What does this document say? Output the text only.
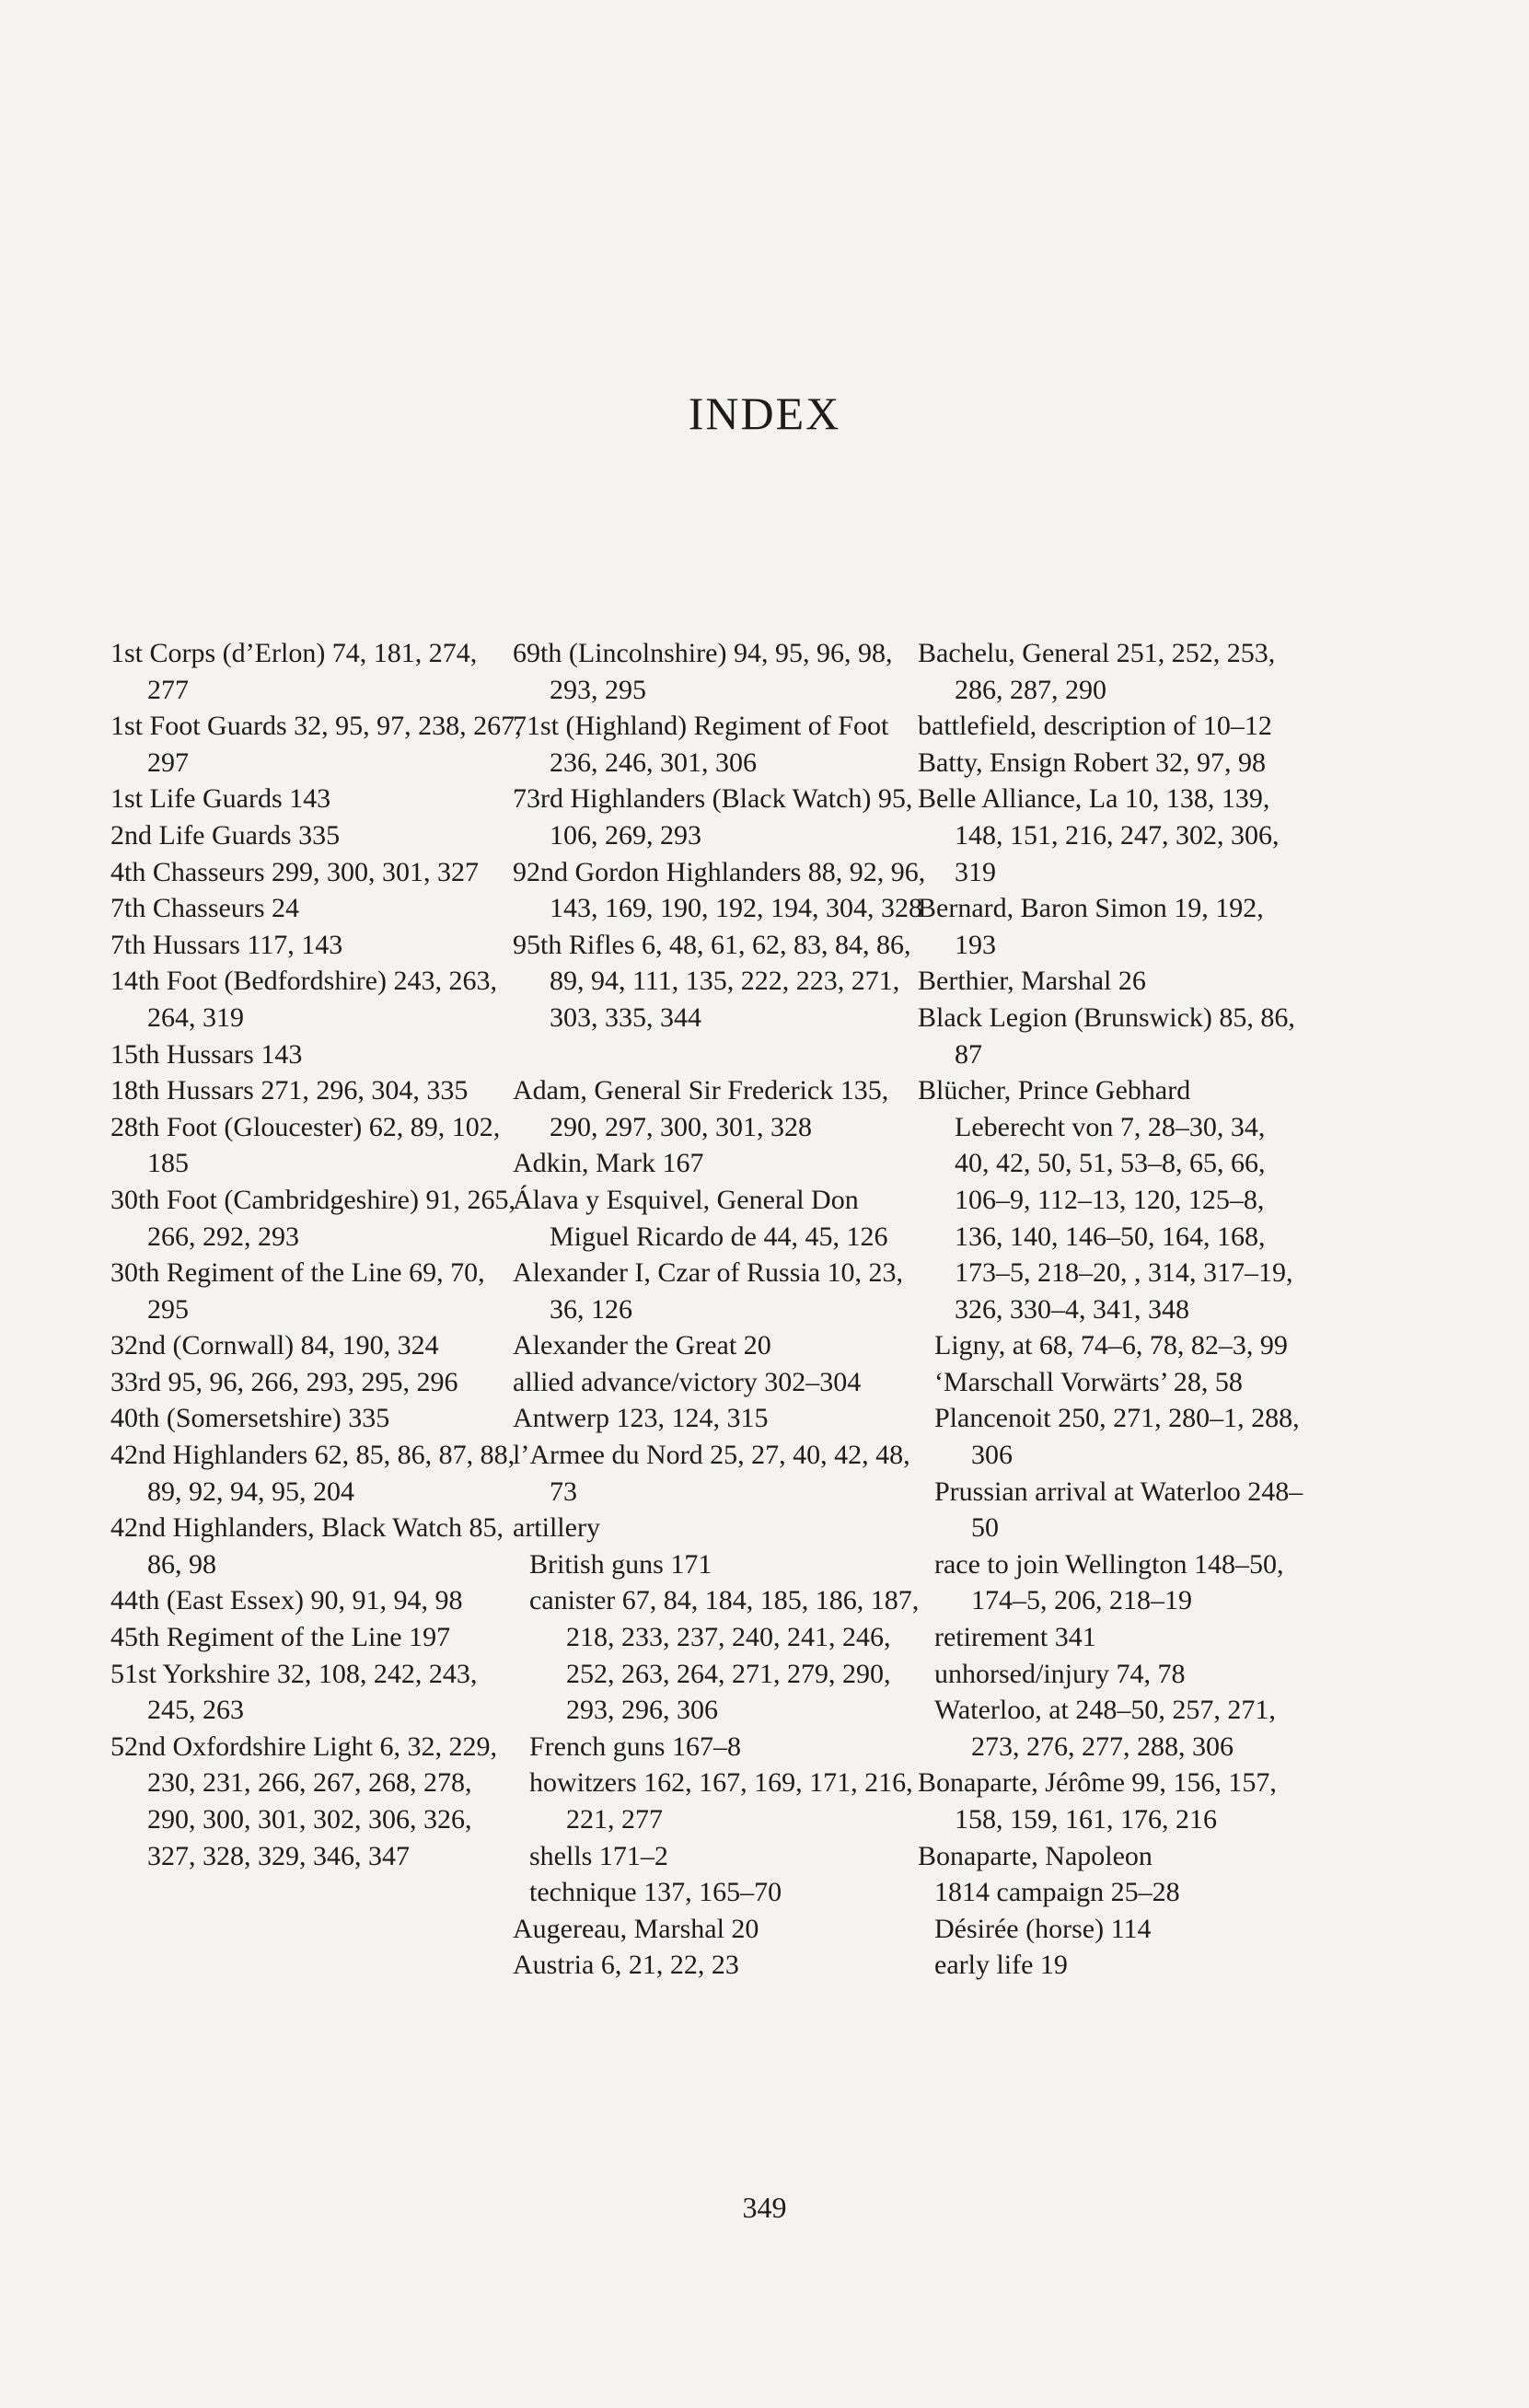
INDEX
1st Corps (d’Erlon) 74, 181, 274, 277
1st Foot Guards 32, 95, 97, 238, 267, 297
1st Life Guards 143
2nd Life Guards 335
4th Chasseurs 299, 300, 301, 327
7th Chasseurs 24
7th Hussars 117, 143
14th Foot (Bedfordshire) 243, 263, 264, 319
15th Hussars 143
18th Hussars 271, 296, 304, 335
28th Foot (Gloucester) 62, 89, 102, 185
30th Foot (Cambridgeshire) 91, 265, 266, 292, 293
30th Regiment of the Line 69, 70, 295
32nd (Cornwall) 84, 190, 324
33rd 95, 96, 266, 293, 295, 296
40th (Somersetshire) 335
42nd Highlanders 62, 85, 86, 87, 88, 89, 92, 94, 95, 204
42nd Highlanders, Black Watch 85, 86, 98
44th (East Essex) 90, 91, 94, 98
45th Regiment of the Line 197
51st Yorkshire 32, 108, 242, 243, 245, 263
52nd Oxfordshire Light 6, 32, 229, 230, 231, 266, 267, 268, 278, 290, 300, 301, 302, 306, 326, 327, 328, 329, 346, 347
69th (Lincolnshire) 94, 95, 96, 98, 293, 295
71st (Highland) Regiment of Foot 236, 246, 301, 306
73rd Highlanders (Black Watch) 95, 106, 269, 293
92nd Gordon Highlanders 88, 92, 96, 143, 169, 190, 192, 194, 304, 328
95th Rifles 6, 48, 61, 62, 83, 84, 86, 89, 94, 111, 135, 222, 223, 271, 303, 335, 344
Adam, General Sir Frederick 135, 290, 297, 300, 301, 328
Adkin, Mark 167
Álava y Esquivel, General Don Miguel Ricardo de 44, 45, 126
Alexander I, Czar of Russia 10, 23, 36, 126
Alexander the Great 20
allied advance/victory 302–304
Antwerp 123, 124, 315
l’Armee du Nord 25, 27, 40, 42, 48, 73
artillery
British guns 171
canister 67, 84, 184, 185, 186, 187, 218, 233, 237, 240, 241, 246, 252, 263, 264, 271, 279, 290, 293, 296, 306
French guns 167–8
howitzers 162, 167, 169, 171, 216, 221, 277
shells 171–2
technique 137, 165–70
Augereau, Marshal 20
Austria 6, 21, 22, 23
Bachelu, General 251, 252, 253, 286, 287, 290
battlefield, description of 10–12
Batty, Ensign Robert 32, 97, 98
Belle Alliance, La 10, 138, 139, 148, 151, 216, 247, 302, 306, 319
Bernard, Baron Simon 19, 192, 193
Berthier, Marshal 26
Black Legion (Brunswick) 85, 86, 87
Blücher, Prince Gebhard Leberecht von 7, 28–30, 34, 40, 42, 50, 51, 53–8, 65, 66, 106–9, 112–13, 120, 125–8, 136, 140, 146–50, 164, 168, 173–5, 218–20, , 314, 317–19, 326, 330–4, 341, 348
Ligny, at 68, 74–6, 78, 82–3, 99
‘Marschall Vorwärts’ 28, 58
Plancenoit 250, 271, 280–1, 288, 306
Prussian arrival at Waterloo 248–50
race to join Wellington 148–50, 174–5, 206, 218–19
retirement 341
unhorsed/injury 74, 78
Waterloo, at 248–50, 257, 271, 273, 276, 277, 288, 306
Bonaparte, Jérôme 99, 156, 157, 158, 159, 161, 176, 216
Bonaparte, Napoleon
1814 campaign 25–28
Désirée (horse) 114
early life 19
349
